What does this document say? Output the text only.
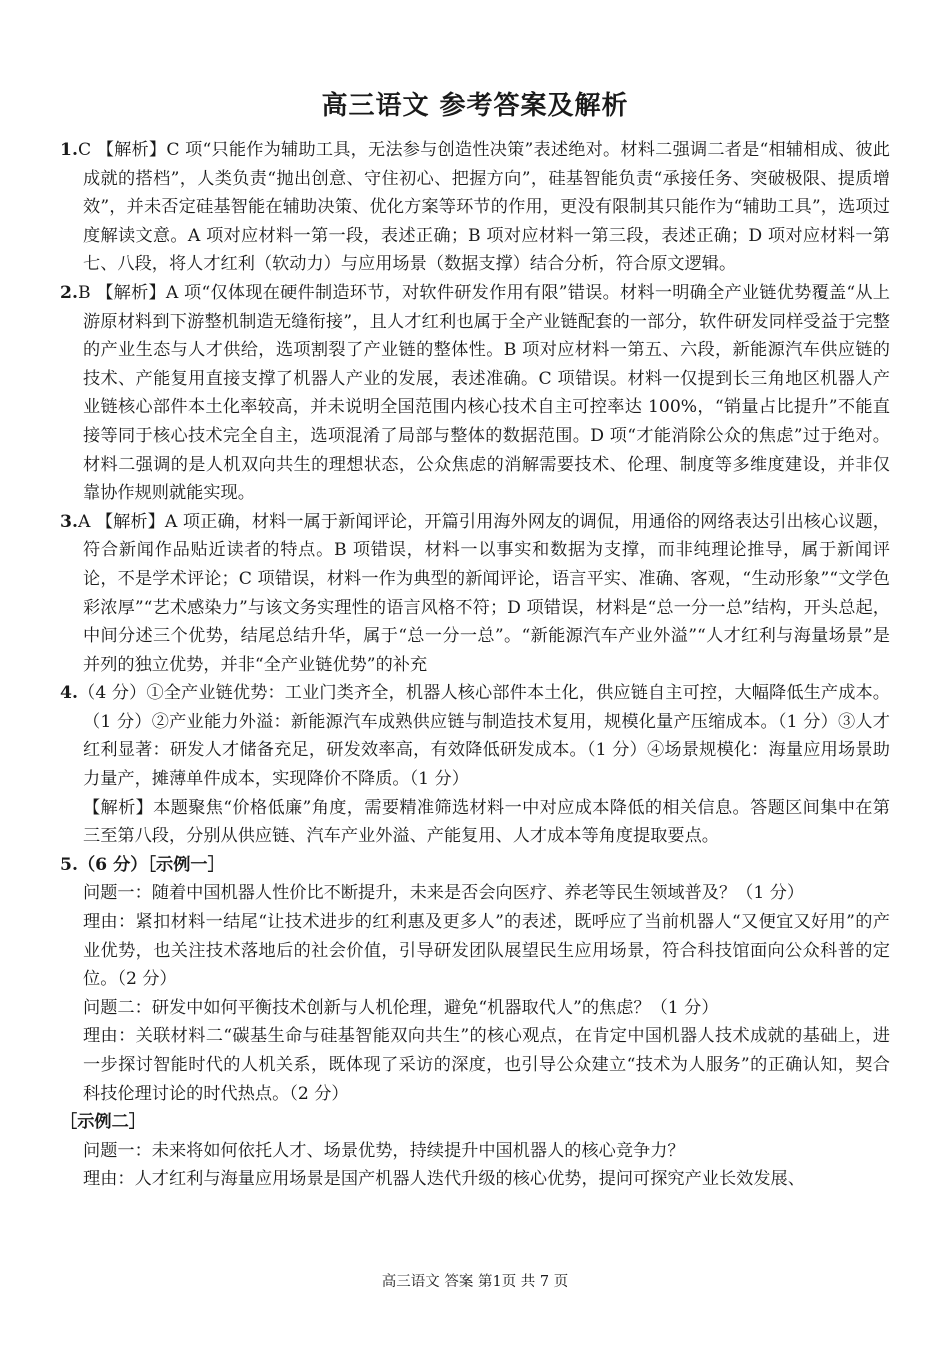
高三语文 参考答案及解析

1.C 【解析】C 项“只能作为辅助工具，无法参与创造性决策”表述绝对。材料二强调二者是“相辅相成、彼此成就的搭档”，人类负责“抛出创意、守住初心、把握方向”，硅基智能负责“承接任务、突破极限、提质增效”，并未否定硅基智能在辅助决策、优化方案等环节的作用，更没有限制其只能作为“辅助工具”，选项过度解读文意。A 项对应材料一第一段，表述正确；B 项对应材料一第三段，表述正确；D 项对应材料一第七、八段，将人才红利（软动力）与应用场景（数据支撑）结合分析，符合原文逻辑。

2.B 【解析】A 项“仅体现在硬件制造环节，对软件研发作用有限”错误。材料一明确全产业链优势覆盖“从上游原材料到下游整机制造无缝衔接”，且人才红利也属于全产业链配套的一部分，软件研发同样受益于完整的产业生态与人才供给，选项割裂了产业链的整体性。B 项对应材料一第五、六段，新能源汽车供应链的技术、产能复用直接支撑了机器人产业的发展，表述准确。C 项错误。材料一仅提到长三角地区机器人产业链核心部件本土化率较高，并未说明全国范围内核心技术自主可控率达 100%，“销量占比提升”不能直接等同于核心技术完全自主，选项混淆了局部与整体的数据范围。D 项“才能消除公众的焦虑”过于绝对。材料二强调的是人机双向共生的理想状态，公众焦虑的消解需要技术、伦理、制度等多维度建设，并非仅靠协作规则就能实现。

3.A 【解析】A 项正确，材料一属于新闻评论，开篇引用海外网友的调侃，用通俗的网络表达引出核心议题，符合新闻作品贴近读者的特点。B 项错误，材料一以事实和数据为支撑，而非纯理论推导，属于新闻评论，不是学术评论；C 项错误，材料一作为典型的新闻评论，语言平实、准确、客观，“生动形象”“文学色彩浓厚”“艺术感染力”与该文务实理性的语言风格不符；D 项错误，材料是“总一分一总”结构，开头总起，中间分述三个优势，结尾总结升华，属于“总一分一总”。“新能源汽车产业外溢”“人才红利与海量场景”是并列的独立优势，并非“全产业链优势”的补充

4.（4 分）①全产业链优势：工业门类齐全，机器人核心部件本土化，供应链自主可控，大幅降低生产成本。（1 分）②产业能力外溢：新能源汽车成熟供应链与制造技术复用，规模化量产压缩成本。（1 分）③人才红利显著：研发人才储备充足，研发效率高，有效降低研发成本。（1 分）④场景规模化：海量应用场景助力量产，摊薄单件成本，实现降价不降质。（1 分）

【解析】本题聚焦“价格低廉”角度，需要精准筛选材料一中对应成本降低的相关信息。答题区间集中在第三至第八段，分别从供应链、汽车产业外溢、产能复用、人才成本等角度提取要点。

5.（6 分）［示例一］

问题一：随着中国机器人性价比不断提升，未来是否会向医疗、养老等民生领域普及？（1 分）

理由：紧扣材料一结尾“让技术进步的红利惠及更多人”的表述，既呼应了当前机器人“又便宜又好用”的产业优势，也关注技术落地后的社会价值，引导研发团队展望民生应用场景，符合科技馆面向公众科普的定位。（2 分）

问题二：研发中如何平衡技术创新与人机伦理，避免“机器取代人”的焦虑？（1 分）

理由：关联材料二“碳基生命与硅基智能双向共生”的核心观点，在肯定中国机器人技术成就的基础上，进一步探讨智能时代的人机关系，既体现了采访的深度，也引导公众建立“技术为人服务”的正确认知，契合科技伦理讨论的时代热点。（2 分）

［示例二］

问题一：未来将如何依托人才、场景优势，持续提升中国机器人的核心竞争力？

理由：人才红利与海量应用场景是国产机器人迭代升级的核心优势，提问可探究产业长效发展、

高三语文 答案 第1页 共 7 页
